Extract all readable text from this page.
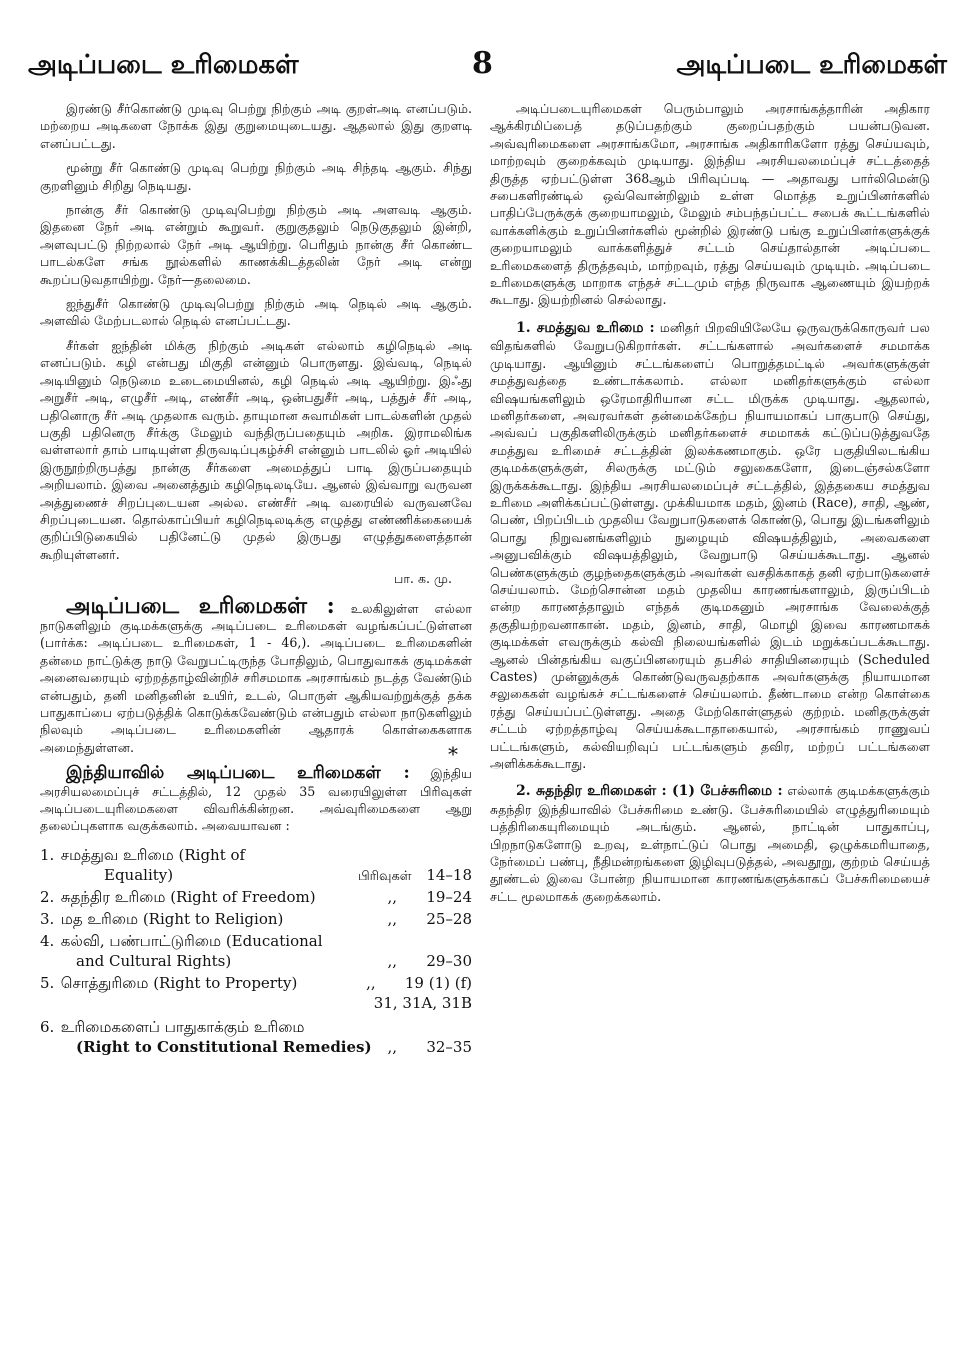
அடிப்படை உரிமைகள்	8	அடிப்படை உரிமைகள்

இரண்டு சீர்கொண்டு முடிவு பெற்று நிற்கும் அடி குறள்அடி எனப்படும். மற்றைய அடிகளை நோக்க இது குறுமையுடையது. ஆதலால் இது குறளடி எனப்பட்டது.

மூன்று சீர் கொண்டு முடிவு பெற்று நிற்கும் அடி சிந்தடி ஆகும். சிந்து குறளினும் சிறிது நெடியது.

நான்கு சீர் கொண்டு முடிவுபெற்று நிற்கும் அடி அளவடி ஆகும். இதனை நேர் அடி என்றும் கூறுவர். குறுகுதலும் நெடுகுதலும் இன்றி, அளவுபட்டு நிற்றலால் நேர் அடி ஆயிற்று. பெரிதும் நான்கு சீர் கொண்ட பாடல்களே சங்க நூல்களில் காணக்கிடத்தலின் நேர் அடி என்று கூறப்படுவதாயிற்று. நேர்—தலைமை.

ஐந்துசீர் கொண்டு முடிவுபெற்று நிற்கும் அடி நெடில் அடி ஆகும். அளவில் மேற்படலால் நெடில் எனப்பட்டது.

சீர்கள் ஐந்தின் மிக்கு நிற்கும் அடிகள் எல்லாம் கழிநெடில் அடி எனப்படும். கழி என்பது மிகுதி என்னும் பொருளது. இவ்வடி, நெடில் அடியினும் நெடுமை உடைமையினல், கழி நெடில் அடி ஆயிற்று. இஃது அறுசீர் அடி, எழுசீர் அடி, எண்சீர் அடி, ஒன்பதுசீர் அடி, பத்துச் சீர் அடி, பதினொரு சீர் அடி முதலாக வரும். தாயுமான சுவாமிகள் பாடல்களின் முதல் பகுதி பதினெரு சீர்க்கு மேலும் வந்திருப்பதையும் அறிக. இராமலிங்க வள்ளலார் தாம் பாடியுள்ள திருவடிப்புகழ்ச்சி என்னும் பாடலில் ஓர் அடியில் இருநூற்றிருபத்து நான்கு சீர்களை அமைத்துப் பாடி இருப்பதையும் அறியலாம். இவை அனைத்தும் கழிநெடிலடியே. ஆனல் இவ்வாறு வருவன அத்துணைச் சிறப்புடையன அல்ல. எண்சீர் அடி வரையில் வருவனவே சிறப்புடையன. தொல்காப்பியர் கழிநெடிலடிக்கு எழுத்து எண்ணிக்கையைக் குறிப்பிடுகையில் பதினேட்டு முதல் இருபது எழுத்துகளைத்தான் கூறியுள்ளனர்.

பா. க. மு.

அடிப்படை உரிமைகள் : உலகிலுள்ள எல்லா நாடுகளிலும் குடிமக்களுக்கு அடிப்படை உரிமைகள் வழங்கப்பட்டுள்ளன (பார்க்க: அடிப்படை உரிமைகள், 1 - 46,). அடிப்படை உரிமைகளின் தன்மை நாட்டுக்கு நாடு வேறுபட்டிருந்த போதிலும், பொதுவாகக் குடிமக்கள் அனைவரையும் ஏற்றத்தாழ்வின்றிச் சரிசமமாக அரசாங்கம் நடத்த வேண்டும் என்பதும், தனி மனிதனின் உயிர், உடல், பொருள் ஆகியவற்றுக்குத் தக்க பாதுகாப்பை ஏற்படுத்திக் கொடுக்கவேண்டும் என்பதும் எல்லா நாடுகளிலும் நிலவும் அடிப்படை உரிமைகளின் ஆதாரக் கொள்கைகளாக அமைந்துள்ளன.	*

இந்தியாவில் அடிப்படை உரிமைகள் : இந்திய அரசியலமைப்புச் சட்டத்தில், 12 முதல் 35 வரையிலுள்ள பிரிவுகள் அடிப்படையுரிமைகளை விவரிக்கின்றன. அவ்வுரிமைகளை ஆறு தலைப்புகளாக வகுக்கலாம். அவையாவன :

1. சமத்துவ உரிமை (Right of
Equality)	பிரிவுகள் 14–18
2. சுதந்திர உரிமை (Right of Freedom)	,, 19–24
3. மத உரிமை (Right to Religion)	,, 25–28
4. கல்வி, பண்பாட்டுரிமை (Educational
and Cultural Rights)	,, 29–30
5. சொத்துரிமை (Right to Property)	,, 19 (1) (f)
31, 31A, 31B
6. உரிமைகளைப் பாதுகாக்கும் உரிமை
(Right to Constitutional Remedies)	,, 32–35

அடிப்படையுரிமைகள் பெரும்பாலும் அரசாங்கத்தாரின் அதிகார ஆக்கிரமிப்பைத் தடுப்பதற்கும் குறைப்பதற்கும் பயன்படுவன. அவ்வுரிமைகளை அரசாங்கமோ, அரசாங்க அதிகாரிகளோ ரத்து செய்யவும், மாற்றவும் குறைக்கவும் முடியாது. இந்திய அரசியலமைப்புச் சட்டத்தைத் திருத்த ஏற்பட்டுள்ள 368ஆம் பிரிவுப்படி — அதாவது பார்லிமென்டு சபைகளிரண்டில் ஒவ்வொன்றிலும் உள்ள மொத்த உறுப்பினர்களில் பாதிப்பேருக்குக் குறையாமலும், மேலும் சம்பந்தப்பட்ட சபைக் கூட்டங்களில் வாக்களிக்கும் உறுப்பினர்களில் மூன்றில் இரண்டு பங்கு உறுப்பினர்களுக்குக் குறையாமலும் வாக்களித்துச் சட்டம் செய்தால்தான் அடிப்படை உரிமைகளைத் திருத்தவும், மாற்றவும், ரத்து செய்யவும் முடியும். அடிப்படை உரிமைகளுக்கு மாறாக எந்தச் சட்டமும் எந்த நிருவாக ஆணையும் இயற்றக் கூடாது. இயற்றினல் செல்லாது.

1. சமத்துவ உரிமை : மனிதர் பிறவியிலேயே ஒருவருக்கொருவர் பல விதங்களில் வேறுபடுகிறார்கள். சட்டங்களால் அவர்களைச் சமமாக்க முடியாது. ஆயினும் சட்டங்களைப் பொறுத்தமட்டில் அவர்களுக்குள் சமத்துவத்தை உண்டாக்கலாம். எல்லா மனிதர்களுக்கும் எல்லா விஷயங்களிலும் ஒரேமாதிரியான சட்ட மிருக்க முடியாது. ஆதலால், மனிதர்களை, அவரவர்கள் தன்மைக்கேற்ப நியாயமாகப் பாகுபாடு செய்து, அவ்வப் பகுதிகளிலிருக்கும் மனிதர்களைச் சமமாகக் கட்டுப்படுத்துவதே சமத்துவ உரிமைச் சட்டத்தின் இலக்கணமாகும். ஒரே பகுதியிலடங்கிய குடிமக்களுக்குள், சிலருக்கு மட்டும் சலுகைகளோ, இடைஞ்சல்களோ இருக்கக்கூடாது. இந்திய அரசியலமைப்புச் சட்டத்தில், இத்தகைய சமத்துவ உரிமை அளிக்கப்பட்டுள்ளது. முக்கியமாக மதம், இனம் (Race), சாதி, ஆண், பெண், பிறப்பிடம் முதலிய வேறுபாடுகளைக் கொண்டு, பொது இடங்களிலும் பொது நிறுவனங்களிலும் நுழையும் விஷயத்திலும், அவைகளை அனுபவிக்கும் விஷயத்திலும், வேறுபாடு செய்யக்கூடாது. ஆனல் பெண்களுக்கும் குழந்தைகளுக்கும் அவர்கள் வசதிக்காகத் தனி ஏற்பாடுகளைச் செய்யலாம். மேற்சொன்ன மதம் முதலிய காரணங்களாலும், இருப்பிடம் என்ற காரணத்தாலும் எந்தக் குடிமகனும் அரசாங்க வேலைக்குத் தகுதியற்றவனாகான். மதம், இனம், சாதி, மொழி இவை காரணமாகக் குடிமக்கள் எவருக்கும் கல்வி நிலையங்களில் இடம் மறுக்கப்படக்கூடாது. ஆனல் பின்தங்கிய வகுப்பினரையும் தபசில் சாதியினரையும் (Scheduled Castes) முன்னுக்குக் கொண்டுவருவதற்காக அவர்களுக்கு நியாயமான சலுகைகள் வழங்கச் சட்டங்களைச் செய்யலாம். தீண்டாமை என்ற கொள்கை ரத்து செய்யப்பட்டுள்ளது. அதை மேற்கொள்ளுதல் குற்றம். மனிதருக்குள் சட்டம் ஏற்றத்தாழ்வு செய்யக்கூடாதாகையால், அரசாங்கம் ராணுவப் பட்டங்களும், கல்வியறிவுப் பட்டங்களும் தவிர, மற்றப் பட்டங்களை அளிக்கக்கூடாது.

2. சுதந்திர உரிமைகள் : (1) பேச்சுரிமை : எல்லாக் குடிமக்களுக்கும் சுதந்திர இந்தியாவில் பேச்சுரிமை உண்டு. பேச்சுரிமையில் எழுத்துரிமையும் பத்திரிகையுரிமையும் அடங்கும். ஆனல், நாட்டின் பாதுகாப்பு, பிறநாடுகளோடு உறவு, உள்நாட்டுப் பொது அமைதி, ஒழுக்கமரியாதை, நேர்மைப் பண்பு, நீதிமன்றங்களை இழிவுபடுத்தல், அவதூறு, குற்றம் செய்யத் தூண்டல் இவை போன்ற நியாயமான காரணங்களுக்காகப் பேச்சுரிமையைச் சட்ட மூலமாகக் குறைக்கலாம்.
